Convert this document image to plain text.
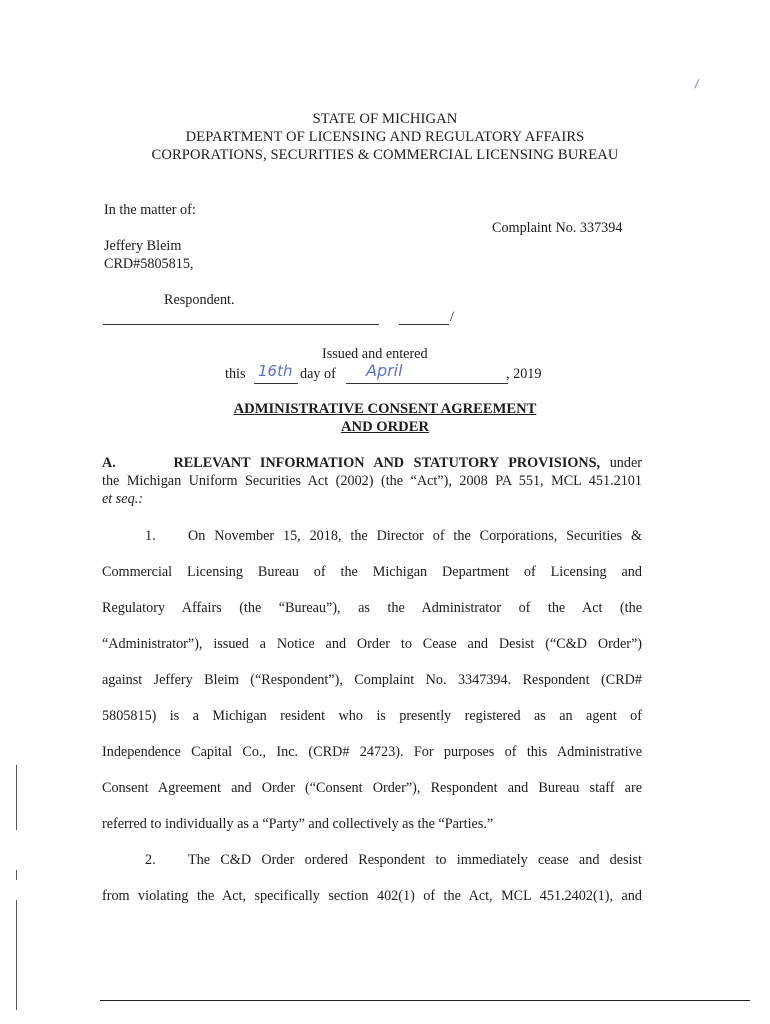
STATE OF MICHIGAN
DEPARTMENT OF LICENSING AND REGULATORY AFFAIRS
CORPORATIONS, SECURITIES & COMMERCIAL LICENSING BUREAU
In the matter of:
Complaint No. 337394
Jeffery Bleim
CRD#5805815,
Respondent.
/
Issued and entered
this 16th day of April	, 2019
ADMINISTRATIVE CONSENT AGREEMENT
AND ORDER
A.	RELEVANT INFORMATION AND STATUTORY PROVISIONS, under
the Michigan Uniform Securities Act (2002) (the “Act”), 2008 PA 551, MCL 451.2101
et seq.:
1. On November 15, 2018, the Director of the Corporations, Securities &
Commercial Licensing Bureau of the Michigan Department of Licensing and
Regulatory Affairs (the “Bureau”), as the Administrator of the Act (the
“Administrator”), issued a Notice and Order to Cease and Desist (“C&D Order”)
against Jeffery Bleim (“Respondent”), Complaint No. 3347394. Respondent (CRD#
5805815) is a Michigan resident who is presently registered as an agent of
Independence Capital Co., Inc. (CRD# 24723). For purposes of this Administrative
Consent Agreement and Order (“Consent Order”), Respondent and Bureau staff are
referred to individually as a “Party” and collectively as the “Parties.”
2. The C&D Order ordered Respondent to immediately cease and desist
from violating the Act, specifically section 402(1) of the Act, MCL 451.2402(1), and
